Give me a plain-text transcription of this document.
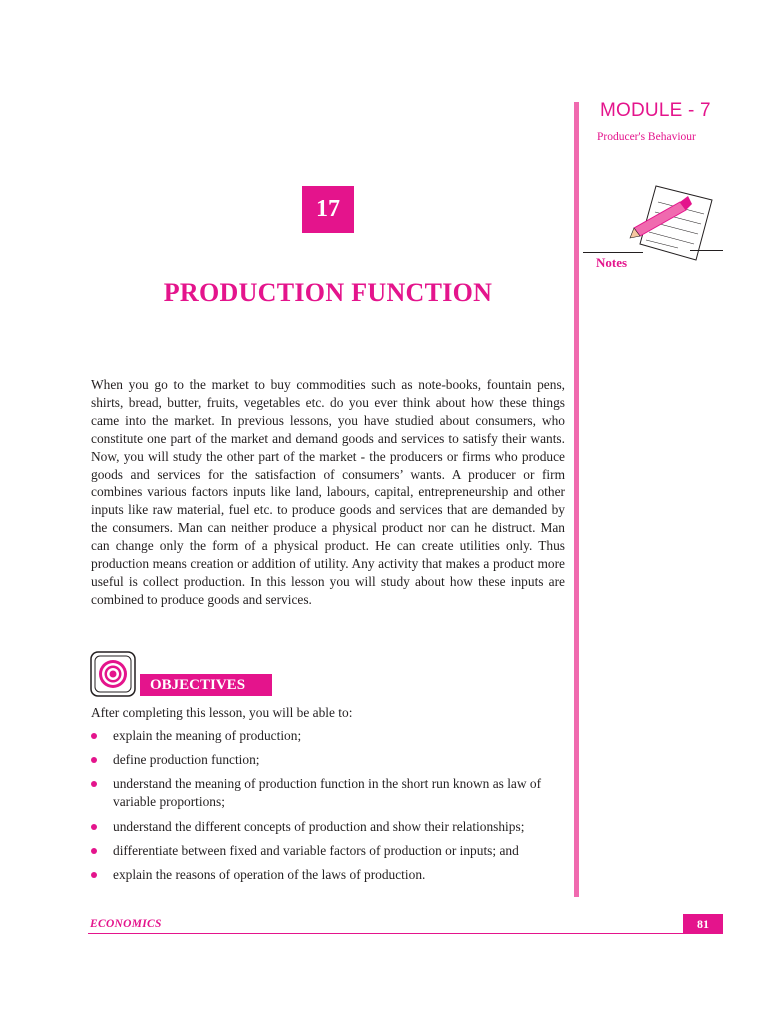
MODULE - 7
Producer's Behaviour
Notes
17
PRODUCTION FUNCTION

When you go to the market to buy commodities such as note-books, fountain pens, shirts, bread, butter, fruits, vegetables etc. do you ever think about how these things came into the market. In previous lessons, you have studied about consumers, who constitute one part of the market and demand goods and services to satisfy their wants. Now, you will study the other part of the market - the producers or firms who produce goods and services for the satisfaction of consumers’ wants. A producer or firm combines various factors inputs like land, labours, capital, entrepreneurship and other inputs like raw material, fuel etc. to produce goods and services that are demanded by the consumers. Man can neither produce a physical product nor can he distruct. Man can change only the form of a physical product. He can create utilities only. Thus production means creation or addition of utility. Any activity that makes a product more useful is collect production. In this lesson you will study about how these inputs are combined to produce goods and services.

OBJECTIVES
After completing this lesson, you will be able to:
explain the meaning of production;
define production function;
understand the meaning of production function in the short run known as law of variable proportions;
understand the different concepts of production and show their relationships;
differentiate between fixed and variable factors of production or inputs; and
explain the reasons of operation of the laws of production.
ECONOMICS	81
